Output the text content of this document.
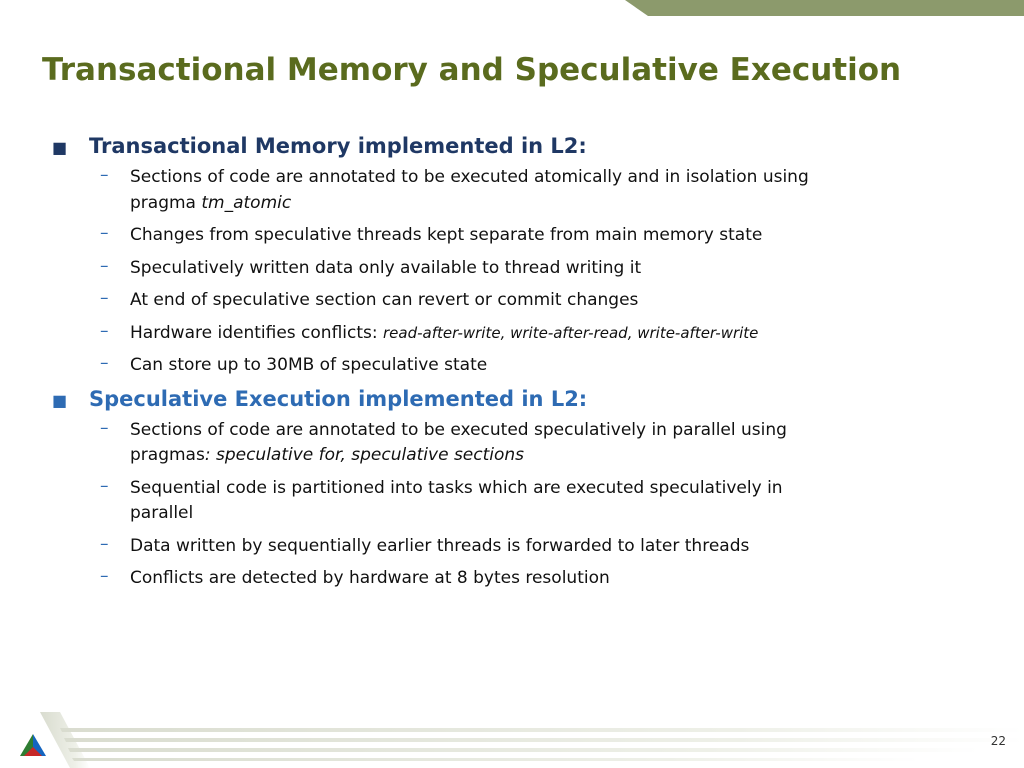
Transactional Memory and Speculative Execution
■	Transactional Memory implemented in L2:
–	Sections of code are annotated to be executed atomically and in isolation using pragma tm_atomic
–	Changes from speculative threads kept separate from main memory state
–	Speculatively written data only available to thread writing it
–	At end of speculative section can revert or commit changes
–	Hardware identifies conflicts: read-after-write, write-after-read, write-after-write
–	Can store up to 30MB of speculative state
■	Speculative Execution implemented in L2:
–	Sections of code are annotated to be executed speculatively in parallel using pragmas: speculative for, speculative sections
–	Sequential code is partitioned into tasks which are executed speculatively in parallel
–	Data written by sequentially earlier threads is forwarded to later threads
–	Conflicts are detected by hardware at 8 bytes resolution
22
